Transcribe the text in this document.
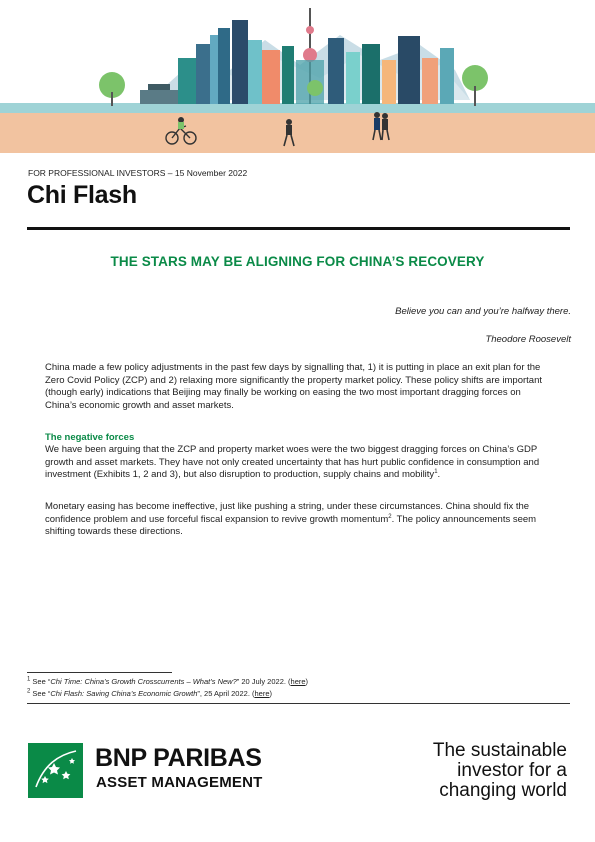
FOR PROFESSIONAL INVESTORS – 15 November 2022
Chi Flash
THE STARS MAY BE ALIGNING FOR CHINA’S RECOVERY
Believe you can and you’re halfway there.
Theodore Roosevelt

China made a few policy adjustments in the past few days by signalling that, 1) it is putting in place an exit plan for the Zero Covid Policy (ZCP) and 2) relaxing more significantly the property market policy. These policy shifts are important (though early) indications that Beijing may finally be working on easing the two most important dragging forces on China’s economic growth and asset markets.

The negative forces

We have been arguing that the ZCP and property market woes were the two biggest dragging forces on China’s GDP growth and asset markets. They have not only created uncertainty that has hurt public confidence in consumption and investment (Exhibits 1, 2 and 3), but also disruption to production, supply chains and mobility$^1$.

Monetary easing has become ineffective, just like pushing a string, under these circumstances. China should fix the confidence problem and use forceful fiscal expansion to revive growth momentum$^2$. The policy announcements seem shifting towards these directions.

$^1$ See “Chi Time: China’s Growth Crosscurrents – What’s New?” 20 July 2022. (here)
$^2$ See “Chi Flash: Saving China’s Economic Growth”, 25 April 2022. (here)
BNP PARIBAS
ASSET MANAGEMENT
The sustainable
investor for a
changing world
